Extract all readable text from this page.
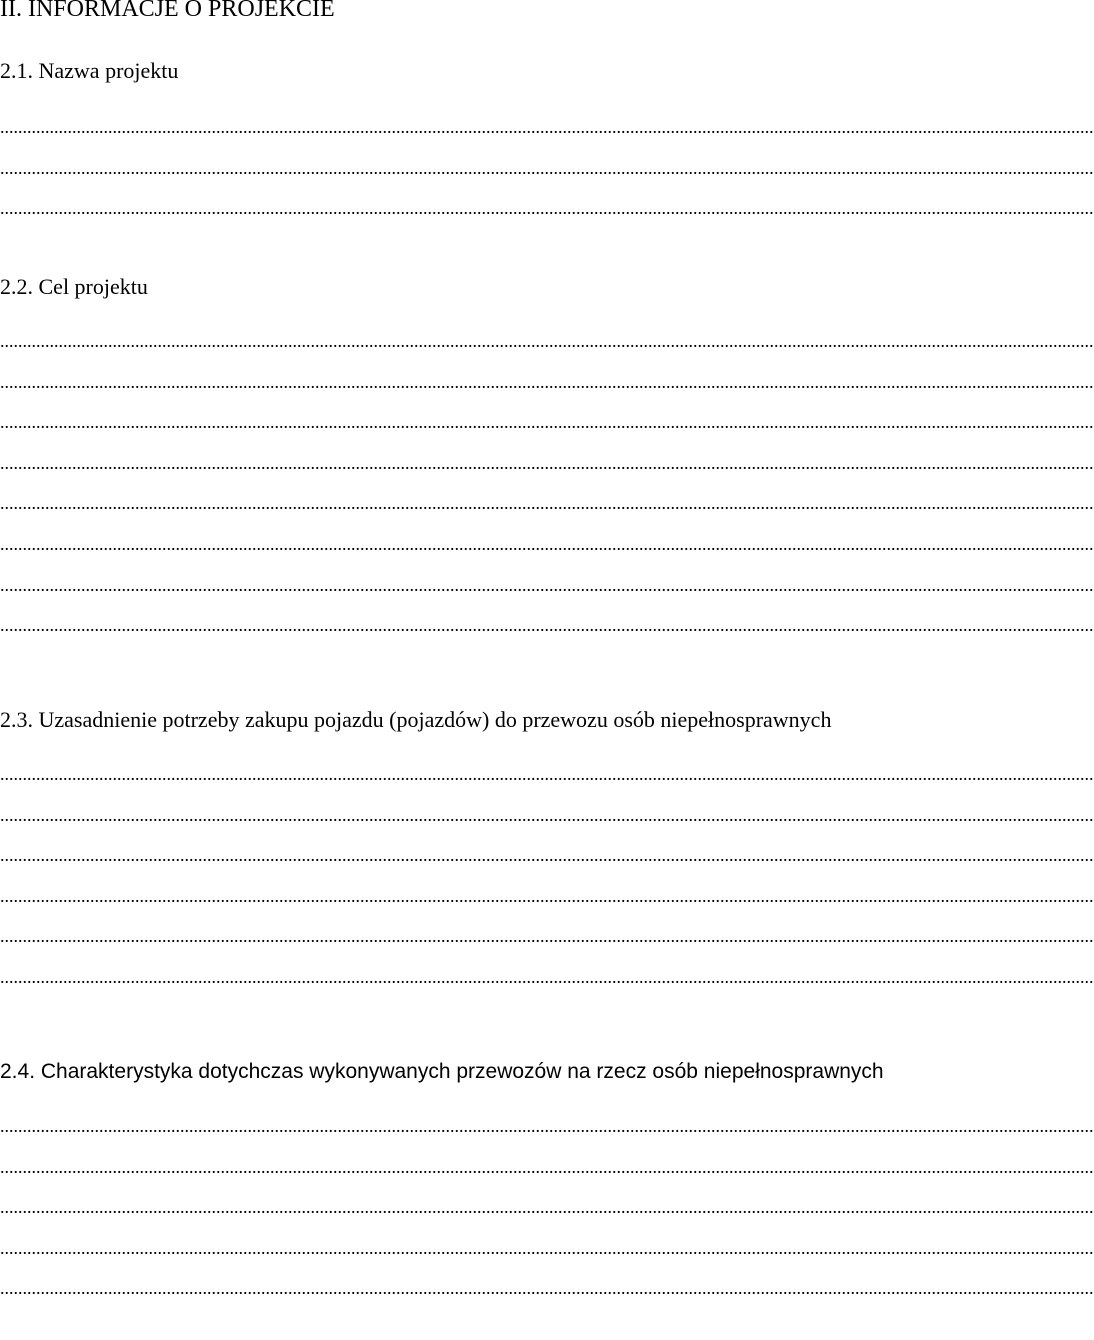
II. INFORMACJE O PROJEKCIE
2.1. Nazwa projektu
2.2. Cel projektu
2.3. Uzasadnienie potrzeby zakupu pojazdu (pojazdów) do przewozu osób niepełnosprawnych
2.4. Charakterystyka dotychczas wykonywanych przewozów na rzecz osób niepełnosprawnych
...................................................................................................................................................................................................................................................
...................................................................................................................................................................................................................................................
...................................................................................................................................................................................................................................................
...................................................................................................................................................................................................................................................
...................................................................................................................................................................................................................................................
...................................................................................................................................................................................................................................................
...................................................................................................................................................................................................................................................
...................................................................................................................................................................................................................................................
...................................................................................................................................................................................................................................................
...................................................................................................................................................................................................................................................
...................................................................................................................................................................................................................................................
...................................................................................................................................................................................................................................................
...................................................................................................................................................................................................................................................
...................................................................................................................................................................................................................................................
...................................................................................................................................................................................................................................................
...................................................................................................................................................................................................................................................
...................................................................................................................................................................................................................................................
...................................................................................................................................................................................................................................................
...................................................................................................................................................................................................................................................
...................................................................................................................................................................................................................................................
...................................................................................................................................................................................................................................................
...................................................................................................................................................................................................................................................
